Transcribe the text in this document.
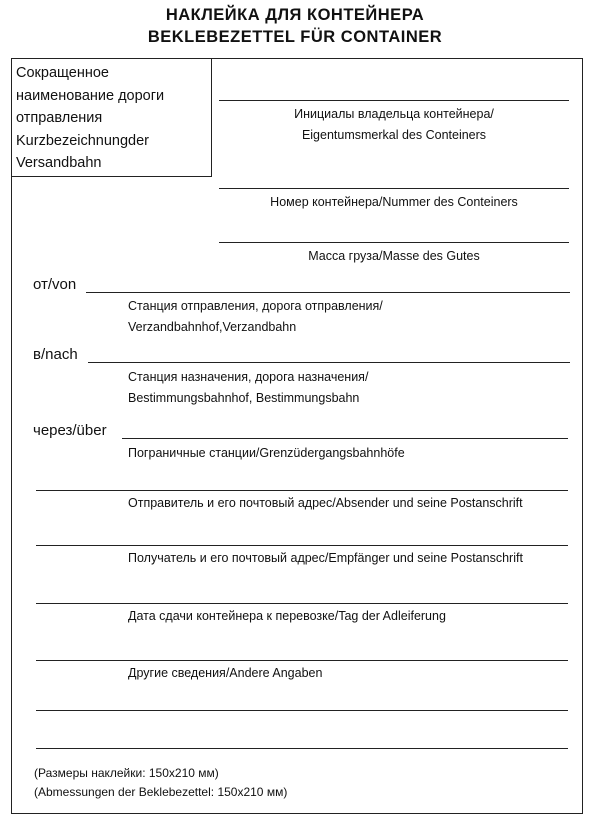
НАКЛЕЙКА ДЛЯ КОНТЕЙНЕРА
BEKLEBEZETTEL FÜR CONTAINER
Сокращенное
наименование дороги
отправления
Kurzbezeichnungder
Versandbahn
Инициалы владельца контейнера/
Eigentumsmerkal des Conteiners
Номер контейнера/Nummer des Conteiners
Масса груза/Masse des Gutes
от/von
Станция отправления, дорога отправления/
Verzandbahnhof,Verzandbahn
в/nach
Станция назначения, дорога назначения/
Bestimmungsbahnhof, Bestimmungsbahn
через/über
Пограничные станции/Grenzüdergangsbahnhöfe
Отправитель и его почтовый адрес/Absender und seine Postanschrift
Получатель и его почтовый адрес/Empfänger und seine Postanschrift
Дата сдачи контейнера к перевозке/Tag der Adleiferung
Другие сведения/Andere Angaben
(Размеры наклейки: 150х210 мм)
(Abmessungen der Beklebezettel: 150х210 мм)
